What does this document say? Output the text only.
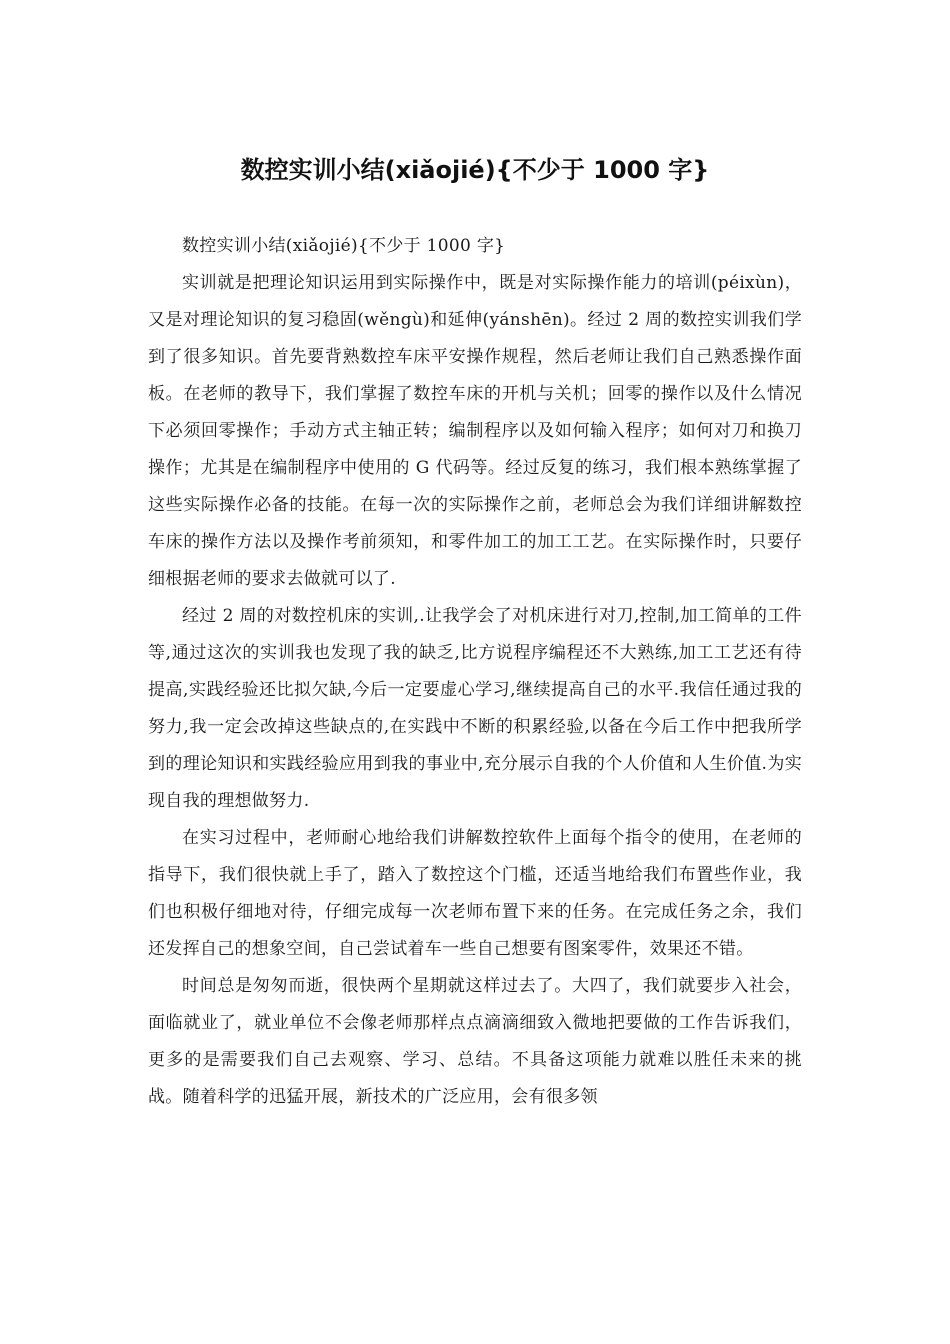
数控实训小结(xiǎojié){不少于 1000 字}

数控实训小结(xiǎojié){不少于 1000 字}

实训就是把理论知识运用到实际操作中，既是对实际操作能力的培训(péixùn)，又是对理论知识的复习稳固(wěngù)和延伸(yánshēn)。经过 2 周的数控实训我们学到了很多知识。首先要背熟数控车床平安操作规程，然后老师让我们自己熟悉操作面板。在老师的教导下，我们掌握了数控车床的开机与关机；回零的操作以及什么情况下必须回零操作；手动方式主轴正转；编制程序以及如何输入程序；如何对刀和换刀操作；尤其是在编制程序中使用的 G 代码等。经过反复的练习，我们根本熟练掌握了这些实际操作必备的技能。在每一次的实际操作之前，老师总会为我们详细讲解数控车床的操作方法以及操作考前须知，和零件加工的加工工艺。在实际操作时，只要仔细根据老师的要求去做就可以了.

经过 2 周的对数控机床的实训,.让我学会了对机床进行对刀,控制,加工简单的工件等,通过这次的实训我也发现了我的缺乏,比方说程序编程还不大熟练,加工工艺还有待提高,实践经验还比拟欠缺,今后一定要虚心学习,继续提高自己的水平.我信任通过我的努力,我一定会改掉这些缺点的,在实践中不断的积累经验,以备在今后工作中把我所学到的理论知识和实践经验应用到我的事业中,充分展示自我的个人价值和人生价值.为实现自我的理想做努力.

在实习过程中，老师耐心地给我们讲解数控软件上面每个指令的使用，在老师的指导下，我们很快就上手了，踏入了数控这个门槛，还适当地给我们布置些作业，我们也积极仔细地对待，仔细完成每一次老师布置下来的任务。在完成任务之余，我们还发挥自己的想象空间，自己尝试着车一些自己想要有图案零件，效果还不错。

时间总是匆匆而逝，很快两个星期就这样过去了。大四了，我们就要步入社会，面临就业了，就业单位不会像老师那样点点滴滴细致入微地把要做的工作告诉我们，更多的是需要我们自己去观察、学习、总结。不具备这项能力就难以胜任未来的挑战。随着科学的迅猛开展，新技术的广泛应用，会有很多领
